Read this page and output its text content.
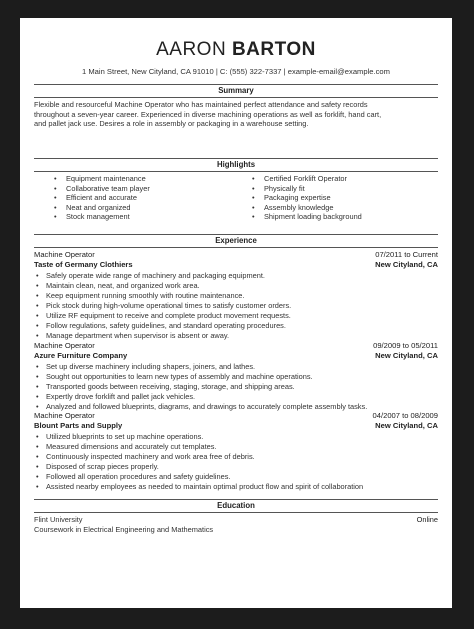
AARON BARTON
1 Main Street, New Cityland, CA 91010 | C: (555) 322-7337 | example-email@example.com
Summary
Flexible and resourceful Machine Operator who has maintained perfect attendance and safety records
throughout a seven-year career. Experienced in diverse machining operations as well as forklift, hand cart,
and pallet jack use. Desires a role in assembly or packaging in a warehouse setting.
Highlights
• Equipment maintenance
• Collaborative team player
• Efficient and accurate
• Neat and organized
• Stock management
• Certified Forklift Operator
• Physically fit
• Packaging expertise
• Assembly knowledge
• Shipment loading background
Experience
Machine Operator	07/2011 to Current
Taste of Germany Clothiers	New Cityland, CA
• Safely operate wide range of machinery and packaging equipment.
• Maintain clean, neat, and organized work area.
• Keep equipment running smoothly with routine maintenance.
• Pick stock during high-volume operational times to satisfy customer orders.
• Utilize RF equipment to receive and complete product movement requests.
• Follow regulations, safety guidelines, and standard operating procedures.
• Manage department when supervisor is absent or away.
Machine Operator	09/2009 to 05/2011
Azure Furniture Company	New Cityland, CA
• Set up diverse machinery including shapers, joiners, and lathes.
• Sought out opportunities to learn new types of assembly and machine operations.
• Transported goods between receiving, staging, storage, and shipping areas.
• Expertly drove forklift and pallet jack vehicles.
• Analyzed and followed blueprints, diagrams, and drawings to accurately complete assembly tasks.
Machine Operator	04/2007 to 08/2009
Blount Parts and Supply	New Cityland, CA
• Utilized blueprints to set up machine operations.
• Measured dimensions and accurately cut templates.
• Continuously inspected machinery and work area free of debris.
• Disposed of scrap pieces properly.
• Followed all operation procedures and safety guidelines.
• Assisted nearby employees as needed to maintain optimal product flow and spirit of collaboration
Education
Flint University	Online
Coursework in Electrical Engineering and Mathematics
